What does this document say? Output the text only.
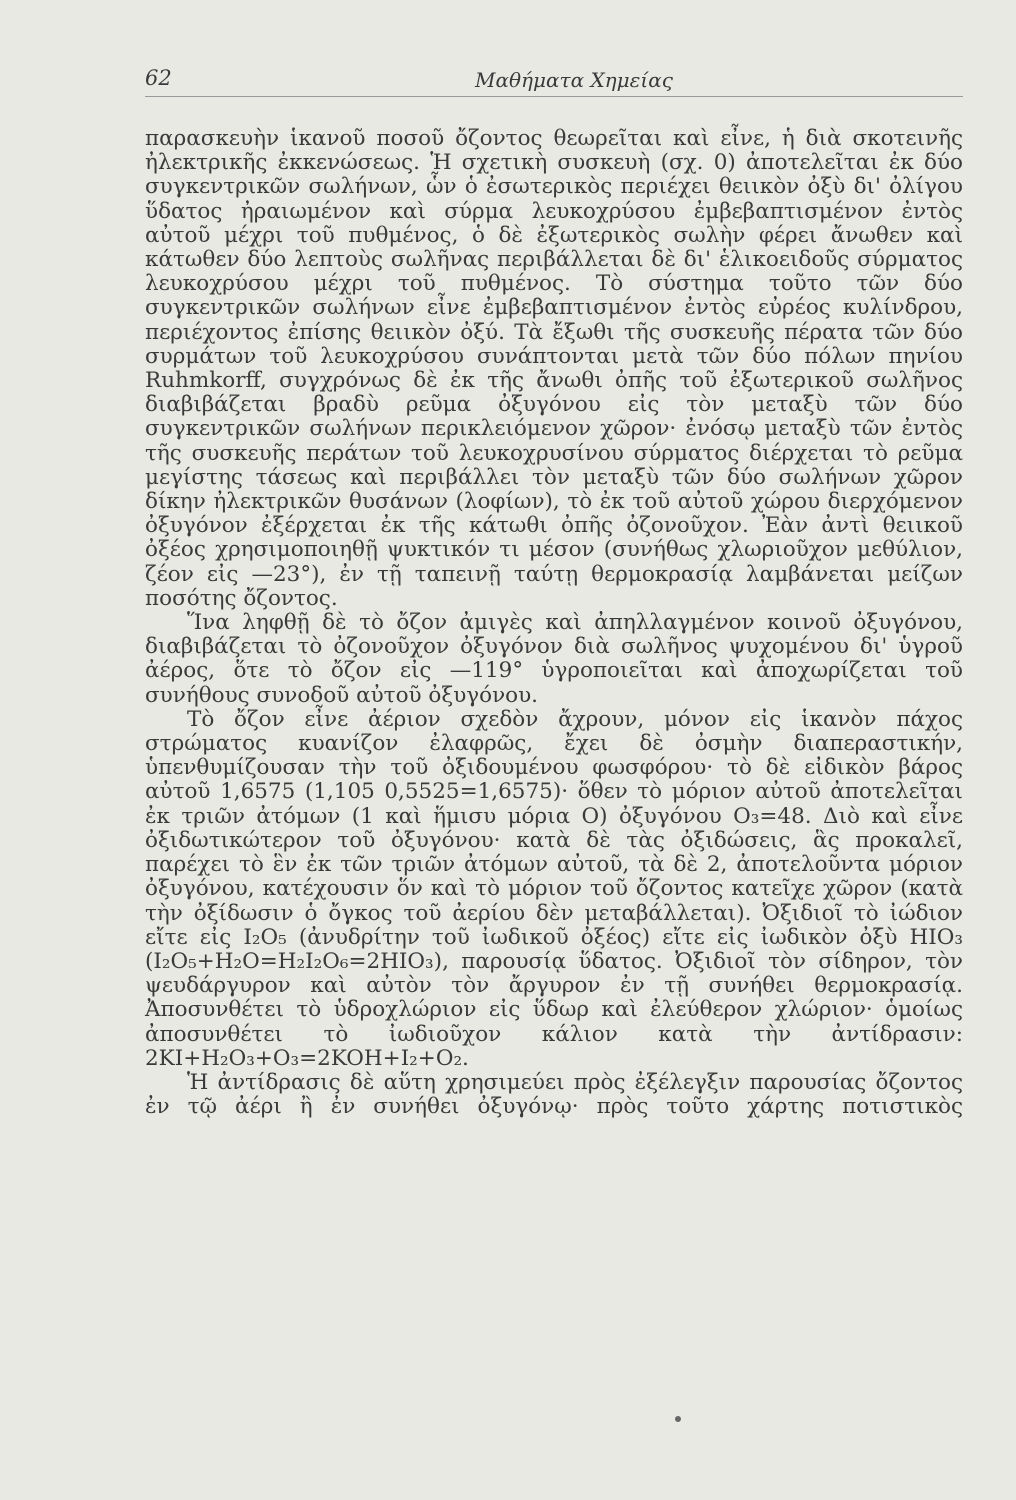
62	Μαθήματα Χημείας

παρασκευὴν ἱκανοῦ ποσοῦ ὄζοντος θεωρεῖται καὶ εἶνε, ἡ διὰ σκοτεινῆς ἠλεκτρικῆς ἐκκενώσεως. Ἡ σχετικὴ συσκευὴ (σχ. 0) ἀποτελεῖται ἐκ δύο συγκεντρικῶν σωλήνων, ὧν ὁ ἐσωτερικὸς περιέχει θειικὸν ὀξὺ δι' ὀλίγου ὕδατος ἠραιωμένον καὶ σύρμα λευκοχρύσου ἐμβεβαπτισμένον ἐντὸς αὐτοῦ μέχρι τοῦ πυθμένος, ὁ δὲ ἐξωτερικὸς σωλὴν φέρει ἄνωθεν καὶ κάτωθεν δύο λεπτοὺς σωλῆνας περιβάλλεται δὲ δι' ἑλικοειδοῦς σύρματος λευκοχρύσου μέχρι τοῦ πυθμένος. Τὸ σύστημα τοῦτο τῶν δύο συγκεντρικῶν σωλήνων εἶνε ἐμβεβαπτισμένον ἐντὸς εὐρέος κυλίνδρου, περιέχοντος ἐπίσης θειικὸν ὀξύ. Τὰ ἔξωθι τῆς συσκευῆς πέρατα τῶν δύο συρμάτων τοῦ λευκοχρύσου συνάπτονται μετὰ τῶν δύο πόλων πηνίου Ruhmkorff, συγχρόνως δὲ ἐκ τῆς ἄνωθι ὀπῆς τοῦ ἐξωτερικοῦ σωλῆνος διαβιβάζεται βραδὺ ρεῦμα ὀξυγόνου εἰς τὸν μεταξὺ τῶν δύο συγκεντρικῶν σωλήνων περικλειόμενον χῶρον· ἐνόσῳ μεταξὺ τῶν ἐντὸς τῆς συσκευῆς περάτων τοῦ λευκοχρυσίνου σύρματος διέρχεται τὸ ρεῦμα μεγίστης τάσεως καὶ περιβάλλει τὸν μεταξὺ τῶν δύο σωλήνων χῶρον δίκην ἠλεκτρικῶν θυσάνων (λοφίων), τὸ ἐκ τοῦ αὐτοῦ χώρου διερχόμενον ὀξυγόνον ἐξέρχεται ἐκ τῆς κάτωθι ὀπῆς ὀζονοῦχον. Ἐὰν ἀντὶ θειικοῦ ὀξέος χρησιμοποιηθῇ ψυκτικόν τι μέσον (συνήθως χλωριοῦχον μεθύλιον, ζέον εἰς —23°), ἐν τῇ ταπεινῇ ταύτῃ θερμοκρασίᾳ λαμβάνεται μείζων ποσότης ὄζοντος.

Ἵνα ληφθῇ δὲ τὸ ὄζον ἀμιγὲς καὶ ἀπηλλαγμένον κοινοῦ ὀξυγόνου, διαβιβάζεται τὸ ὀζονοῦχον ὀξυγόνον διὰ σωλῆνος ψυχομένου δι' ὑγροῦ ἀέρος, ὅτε τὸ ὄζον εἰς —119° ὑγροποιεῖται καὶ ἀποχωρίζεται τοῦ συνήθους συνοδοῦ αὐτοῦ ὀξυγόνου.

Τὸ ὄζον εἶνε ἀέριον σχεδὸν ἄχρουν, μόνον εἰς ἱκανὸν πάχος στρώματος κυανίζον ἐλαφρῶς, ἔχει δὲ ὀσμὴν διαπεραστικήν, ὑπενθυμίζουσαν τὴν τοῦ ὀξιδουμένου φωσφόρου· τὸ δὲ εἰδικὸν βάρος αὐτοῦ 1,6575 (1,105 0,5525=1,6575)· ὅθεν τὸ μόριον αὐτοῦ ἀποτελεῖται ἐκ τριῶν ἀτόμων (1 καὶ ἥμισυ μόρια Ο) ὀξυγόνου O₃=48. Διὸ καὶ εἶνε ὀξιδωτικώτερον τοῦ ὀξυγόνου· κατὰ δὲ τὰς ὀξιδώσεις, ἃς προκαλεῖ, παρέχει τὸ ἓν ἐκ τῶν τριῶν ἀτόμων αὐτοῦ, τὰ δὲ 2, ἀποτελοῦντα μόριον ὀξυγόνου, κατέχουσιν ὅν καὶ τὸ μόριον τοῦ ὄζοντος κατεῖχε χῶρον (κατὰ τὴν ὀξίδωσιν ὁ ὄγκος τοῦ ἀερίου δὲν μεταβάλλεται). Ὀξιδιοῖ τὸ ἰώδιον εἴτε εἰς I₂O₅ (ἀνυδρίτην τοῦ ἰωδικοῦ ὀξέος) εἴτε εἰς ἰωδικὸν ὀξὺ HIO₃ (I₂O₅+H₂O=H₂I₂O₆=2HIO₃), παρουσίᾳ ὕδατος. Ὀξιδιοῖ τὸν σίδηρον, τὸν ψευδάργυρον καὶ αὐτὸν τὸν ἄργυρον ἐν τῇ συνήθει θερμοκρασίᾳ. Ἀποσυνθέτει τὸ ὑδροχλώριον εἰς ὕδωρ καὶ ἐλεύθερον χλώριον· ὁμοίως ἀποσυνθέτει τὸ ἰωδιοῦχον κάλιον κατὰ τὴν ἀντίδρασιν: 2KI+H₂O₃+O₃=2KOH+I₂+O₂.

Ἡ ἀντίδρασις δὲ αὕτη χρησιμεύει πρὸς ἐξέλεγξιν παρουσίας ὄζοντος ἐν τῷ ἀέρι ἢ ἐν συνήθει ὀξυγόνῳ· πρὸς τοῦτο χάρτης ποτιστικὸς
